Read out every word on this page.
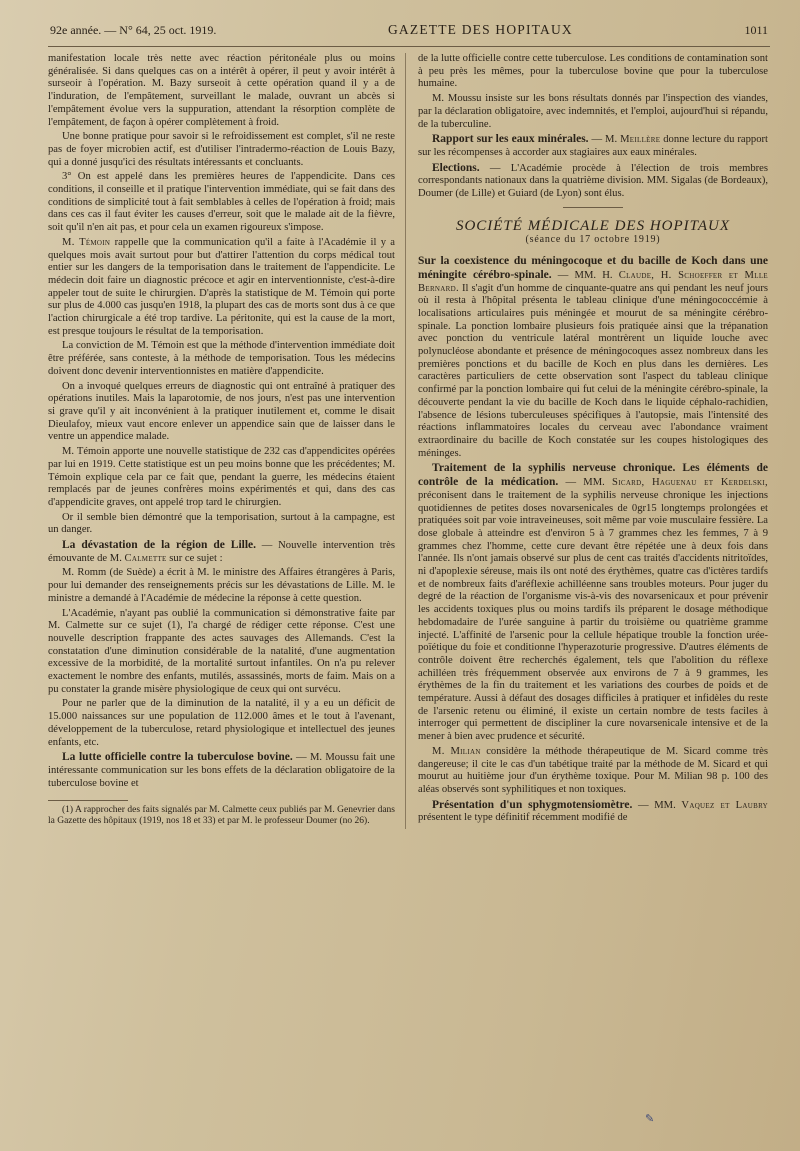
92e année. — N° 64, 25 oct. 1919.	GAZETTE DES HOPITAUX	1011

manifestation locale très nette avec réaction péritonéale plus ou moins généralisée. Si dans quelques cas on a intérêt à opérer, il peut y avoir intérêt à surseoir à l'opération. M. Bazy surseoit à cette opération quand il y a de l'induration, de l'empâtement, surveillant le malade, ouvrant un abcès si l'empâtement évolue vers la suppuration, attendant la résorption complète de l'empâtement, de façon à opérer complètement à froid.

Une bonne pratique pour savoir si le refroidissement est complet, s'il ne reste pas de foyer microbien actif, est d'utiliser l'intradermo-réaction de Louis Bazy, qui a donné jusqu'ici des résultats intéressants et concluants.

3° On est appelé dans les premières heures de l'appendicite. Dans ces conditions, il conseille et il pratique l'intervention immédiate, qui se fait dans des conditions de simplicité tout à fait semblables à celles de l'opération à froid; mais dans ces cas il faut éviter les causes d'erreur, soit que le malade ait de la fièvre, soit qu'il n'en ait pas, et pour cela un examen rigoureux s'impose.

M. Témoin rappelle que la communication qu'il a faite à l'Académie il y a quelques mois avait surtout pour but d'attirer l'attention du corps médical tout entier sur les dangers de la temporisation dans le traitement de l'appendicite. Le médecin doit faire un diagnostic précoce et agir en interventionniste, c'est-à-dire appeler tout de suite le chirurgien. D'après la statistique de M. Témoin qui porte sur plus de 4.000 cas jusqu'en 1918, la plupart des cas de morts sont dus à ce que l'action chirurgicale a été trop tardive. La péritonite, qui est la cause de la mort, est presque toujours le résultat de la temporisation.

La conviction de M. Témoin est que la méthode d'intervention immédiate doit être préférée, sans conteste, à la méthode de temporisation. Tous les médecins doivent donc devenir interventionnistes en matière d'appendicite.

On a invoqué quelques erreurs de diagnostic qui ont entraîné à pratiquer des opérations inutiles. Mais la laparotomie, de nos jours, n'est pas une intervention si grave qu'il y ait inconvénient à la pratiquer inutilement et, comme le disait Dieulafoy, mieux vaut encore enlever un appendice sain que de laisser dans le ventre un appendice malade.

M. Témoin apporte une nouvelle statistique de 232 cas d'appendicites opérées par lui en 1919. Cette statistique est un peu moins bonne que les précédentes; M. Témoin explique cela par ce fait que, pendant la guerre, les médecins étaient remplacés par de jeunes confrères moins expérimentés et qui, dans des cas d'appendicite graves, ont appelé trop tard le chirurgien.

Or il semble bien démontré que la temporisation, surtout à la campagne, est un danger.

La dévastation de la région de Lille. — Nouvelle intervention très émouvante de M. Calmette sur ce sujet :

M. Romm (de Suède) a écrit à M. le ministre des Affaires étrangères à Paris, pour lui demander des renseignements précis sur les dévastations de Lille. M. le ministre a demandé à l'Académie de médecine la réponse à cette question.

L'Académie, n'ayant pas oublié la communication si démonstrative faite par M. Calmette sur ce sujet (1), l'a chargé de rédiger cette réponse. C'est une nouvelle description frappante des actes sauvages des Allemands. C'est la constatation d'une diminution considérable de la natalité, d'une augmentation excessive de la morbidité, de la mortalité surtout infantiles. On n'a pu relever exactement le nombre des enfants, mutilés, assassinés, morts de faim. Mais on a pu constater la grande misère physiologique de ceux qui ont survécu.

Pour ne parler que de la diminution de la natalité, il y a eu un déficit de 15.000 naissances sur une population de 112.000 âmes et le tout à l'avenant, développement de la tuberculose, retard physiologique et intellectuel des jeunes enfants, etc.

La lutte officielle contre la tuberculose bovine. — M. Moussu fait une intéressante communication sur les bons effets de la déclaration obligatoire de la tuberculose bovine et

(1) A rapprocher des faits signalés par M. Calmette ceux publiés par M. Genevrier dans la Gazette des hôpitaux (1919, nos 18 et 33) et par M. le professeur Doumer (no 26).

de la lutte officielle contre cette tuberculose. Les conditions de contamination sont à peu près les mêmes, pour la tuberculose bovine que pour la tuberculose humaine.

M. Moussu insiste sur les bons résultats donnés par l'inspection des viandes, par la déclaration obligatoire, avec indemnités, et l'emploi, aujourd'hui si répandu, de la tuberculine.

Rapport sur les eaux minérales. — M. Meillère donne lecture du rapport sur les récompenses à accorder aux stagiaires aux eaux minérales.

Elections. — L'Académie procède à l'élection de trois membres correspondants nationaux dans la quatrième division. MM. Sigalas (de Bordeaux), Doumer (de Lille) et Guiard (de Lyon) sont élus.

SOCIÉTÉ MÉDICALE DES HOPITAUX
(séance du 17 octobre 1919)

Sur la coexistence du méningocoque et du bacille de Koch dans une méningite cérébro-spinale. — MM. H. Claude, H. Schoeffer et Mlle Bernard. Il s'agit d'un homme de cinquante-quatre ans qui pendant les neuf jours où il resta à l'hôpital présenta le tableau clinique d'une méningococcémie à localisations articulaires puis méningée et mourut de sa méningite cérébro-spinale. La ponction lombaire plusieurs fois pratiquée ainsi que la trépanation avec ponction du ventricule latéral montrèrent un liquide louche avec polynucléose abondante et présence de méningocoques assez nombreux dans les premières ponctions et du bacille de Koch en plus dans les dernières. Les caractères particuliers de cette observation sont l'aspect du tableau clinique confirmé par la ponction lombaire qui fut celui de la méningite cérébro-spinale, la découverte pendant la vie du bacille de Koch dans le liquide céphalo-rachidien, l'absence de lésions tuberculeuses spécifiques à l'autopsie, mais l'intensité des réactions inflammatoires locales du cerveau avec l'abondance vraiment extraordinaire du bacille de Koch constatée sur les coupes histologiques des méninges.

Traitement de la syphilis nerveuse chronique. Les éléments de contrôle de la médication. — MM. Sicard, Haguenau et Kerdelski, préconisent dans le traitement de la syphilis nerveuse chronique les injections quotidiennes de petites doses novarsenicales de 0gr15 longtemps prolongées et pratiquées soit par voie intraveineuses, soit même par voie musculaire fessière. La dose globale à atteindre est d'environ 5 à 7 grammes chez les femmes, 7 à 9 grammes chez l'homme, cette cure devant être répétée une à deux fois dans l'année. Ils n'ont jamais observé sur plus de cent cas traités d'accidents nitritoïdes, ni d'apoplexie séreuse, mais ils ont noté des érythèmes, quatre cas d'ictères tardifs et de nombreux faits d'aréflexie achilléenne sans troubles moteurs. Pour juger du degré de la réaction de l'organisme vis-à-vis des novarsenicaux et pour prévenir les accidents toxiques plus ou moins tardifs ils préparent le dosage méthodique hebdomadaire de l'urée sanguine à partir du troisième ou quatrième gramme injecté. L'affinité de l'arsenic pour la cellule hépatique trouble la fonction urée-poïétique du foie et conditionne l'hyperazoturie progressive. D'autres éléments de contrôle doivent être recherchés également, tels que l'abolition du réflexe achilléen très fréquemment observée aux environs de 7 à 9 grammes, les érythèmes de la fin du traitement et les variations des courbes de poids et de température. Aussi à défaut des dosages difficiles à pratiquer et infidèles du reste de l'arsenic retenu ou éliminé, il existe un certain nombre de tests faciles à interroger qui permettent de discipliner la cure novarsenicale intensive et de la mener à bien avec prudence et sécurité.

M. Milian considère la méthode thérapeutique de M. Sicard comme très dangereuse; il cite le cas d'un tabétique traité par la méthode de M. Sicard et qui mourut au huitième jour d'un érythème toxique. Pour M. Milian 98 p. 100 des aléas observés sont syphilitiques et non toxiques.

Présentation d'un sphygmotensiomètre. — MM. Vaquez et Laubry présentent le type définitif récemment modifié de

✎
